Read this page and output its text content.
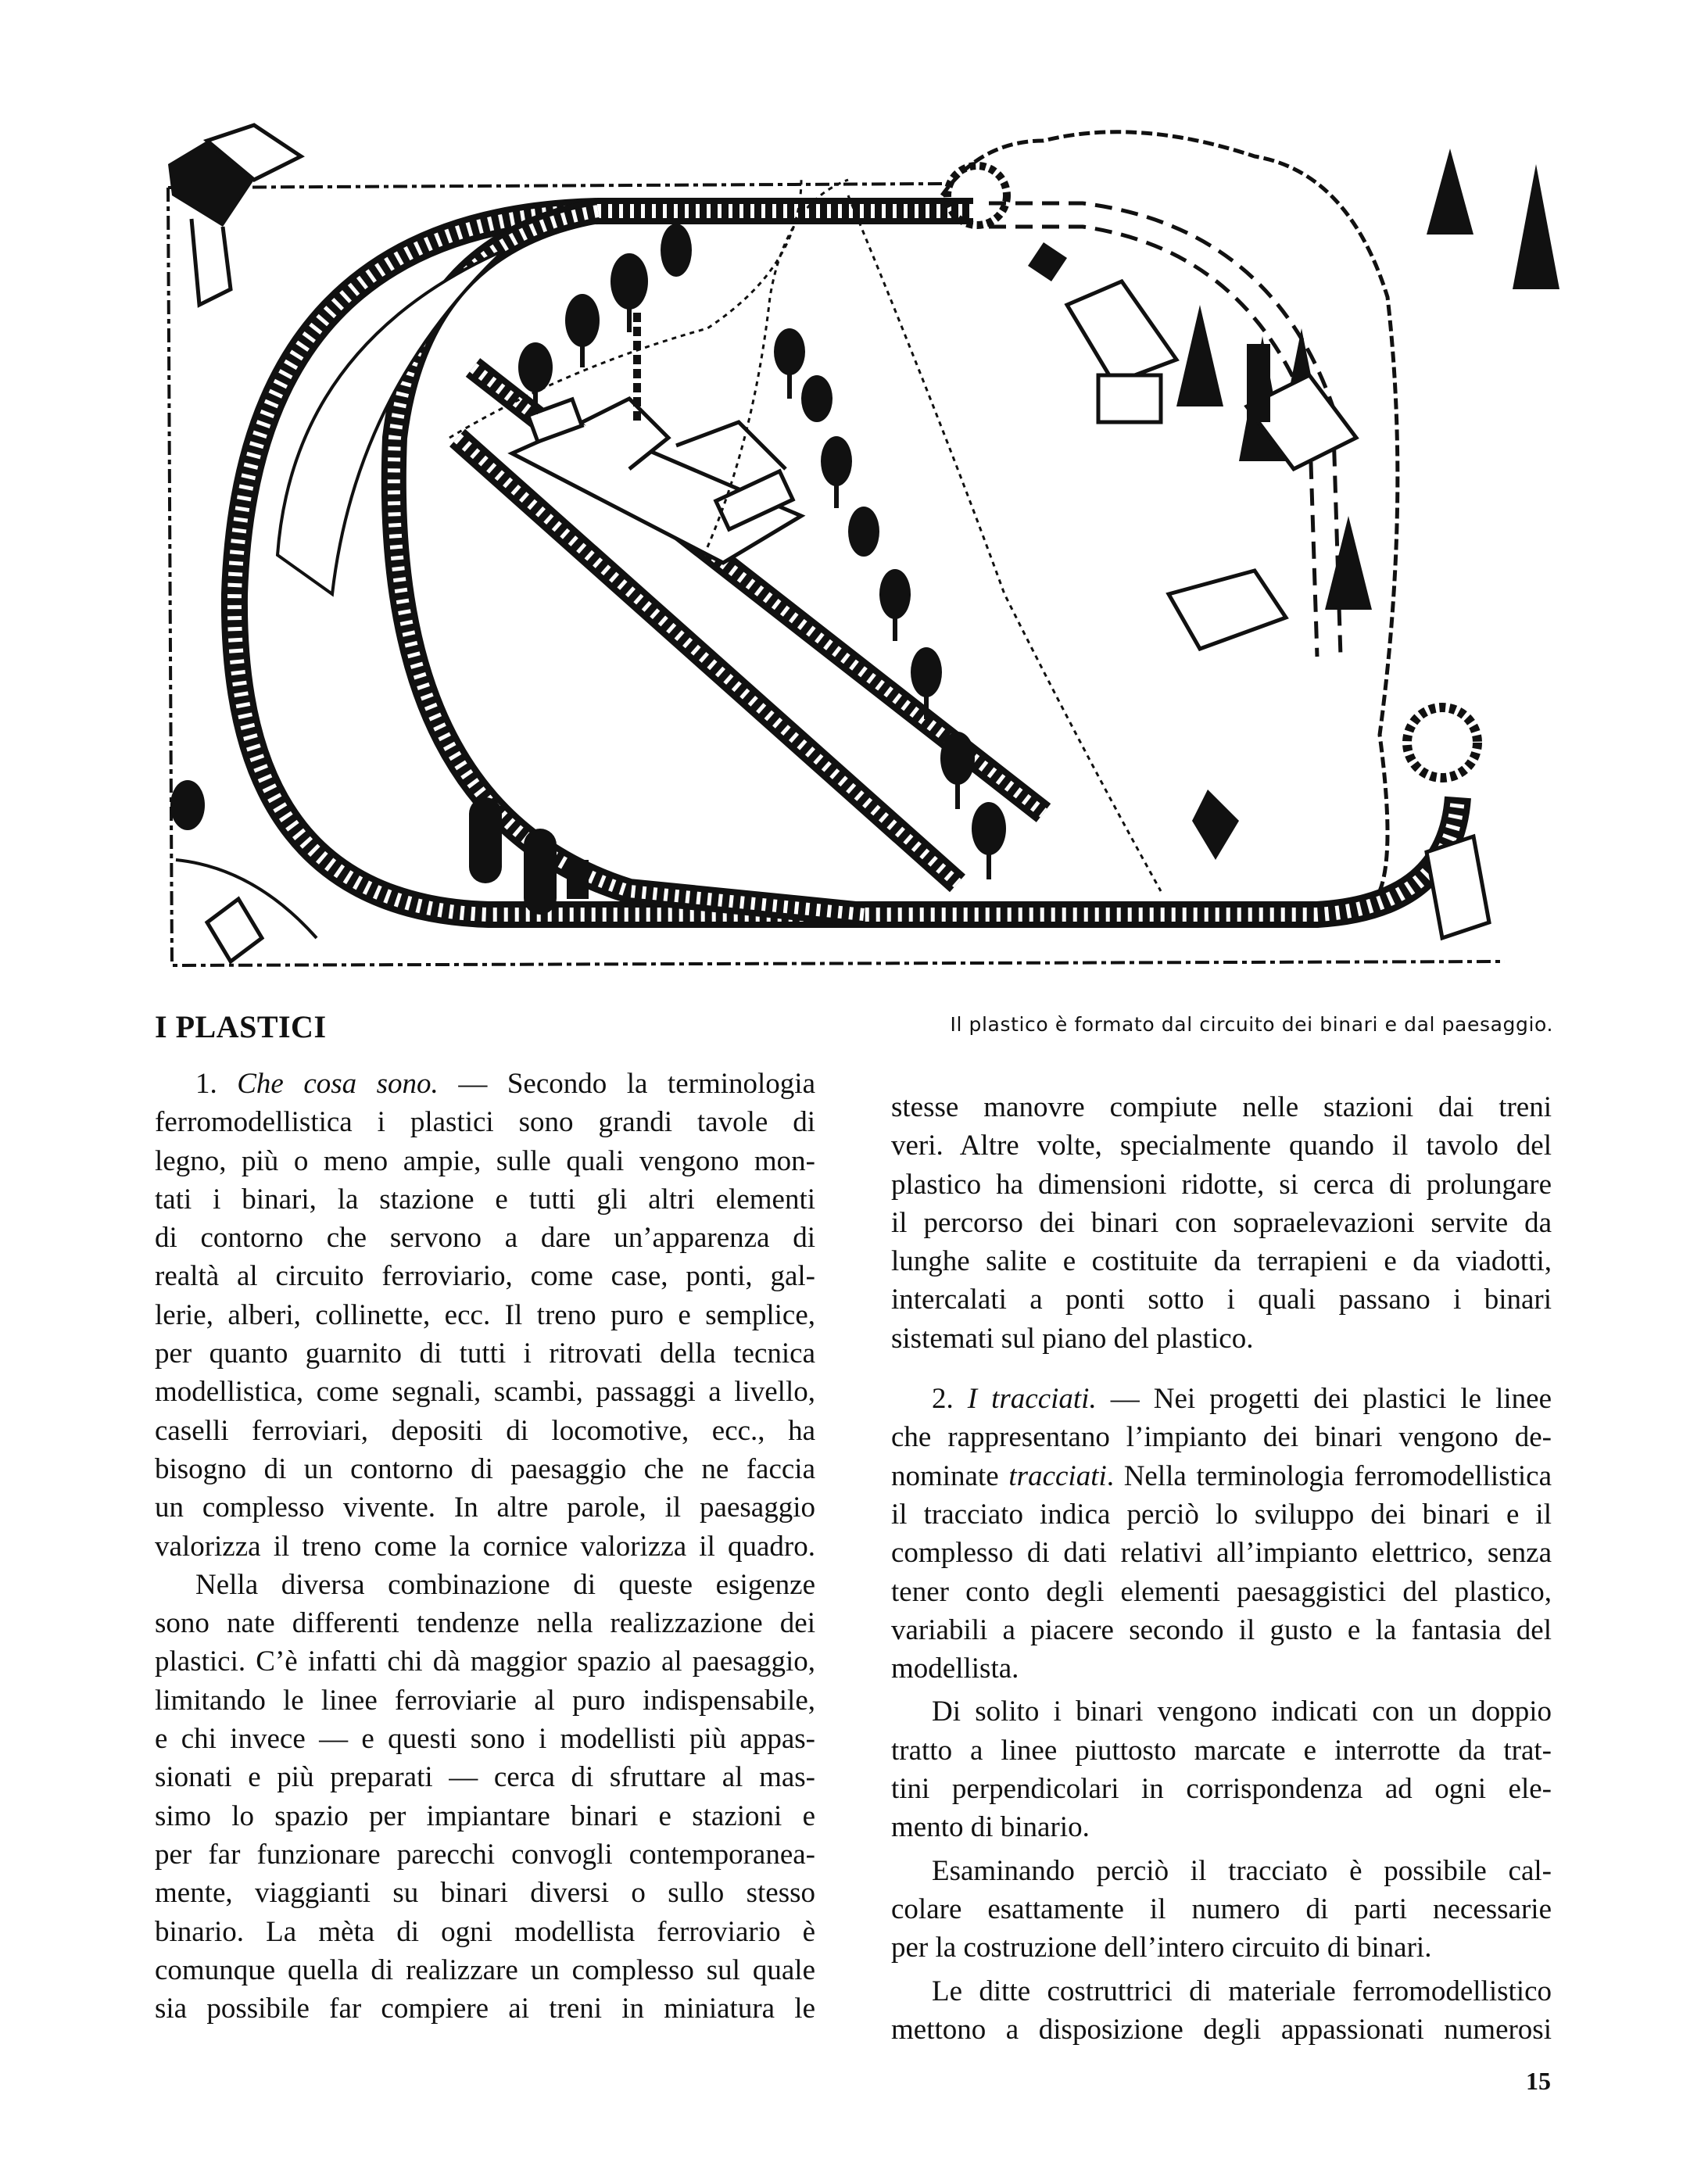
I PLASTICI	Il plastico è formato dal circuito dei binari e dal paesaggio.

1. Che cosa sono. — Secondo la terminologia
ferromodellistica i plastici sono grandi tavole di
legno, più o meno ampie, sulle quali vengono mon-
tati i binari, la stazione e tutti gli altri elementi
di contorno che servono a dare un’apparenza di
realtà al circuito ferroviario, come case, ponti, gal-
lerie, alberi, collinette, ecc. Il treno puro e semplice,
per quanto guarnito di tutti i ritrovati della tecnica
modellistica, come segnali, scambi, passaggi a livello,
caselli ferroviari, depositi di locomotive, ecc., ha
bisogno di un contorno di paesaggio che ne faccia
un complesso vivente. In altre parole, il paesaggio
valorizza il treno come la cornice valorizza il quadro.
Nella diversa combinazione di queste esigenze
sono nate differenti tendenze nella realizzazione dei
plastici. C’è infatti chi dà maggior spazio al paesaggio,
limitando le linee ferroviarie al puro indispensabile,
e chi invece — e questi sono i modellisti più appas-
sionati e più preparati — cerca di sfruttare al mas-
simo lo spazio per impiantare binari e stazioni e
per far funzionare parecchi convogli contemporanea-
mente, viaggianti su binari diversi o sullo stesso
binario. La mèta di ogni modellista ferroviario è
comunque quella di realizzare un complesso sul quale
sia possibile far compiere ai treni in miniatura le
stesse manovre compiute nelle stazioni dai treni
veri. Altre volte, specialmente quando il tavolo del
plastico ha dimensioni ridotte, si cerca di prolungare
il percorso dei binari con sopraelevazioni servite da
lunghe salite e costituite da terrapieni e da viadotti,
intercalati a ponti sotto i quali passano i binari
sistemati sul piano del plastico.
2. I tracciati. — Nei progetti dei plastici le linee
che rappresentano l’impianto dei binari vengono de-
nominate tracciati. Nella terminologia ferromodellistica
il tracciato indica perciò lo sviluppo dei binari e il
complesso di dati relativi all’impianto elettrico, senza
tener conto degli elementi paesaggistici del plastico,
variabili a piacere secondo il gusto e la fantasia del
modellista.
Di solito i binari vengono indicati con un doppio
tratto a linee piuttosto marcate e interrotte da trat-
tini perpendicolari in corrispondenza ad ogni ele-
mento di binario.
Esaminando perciò il tracciato è possibile cal-
colare esattamente il numero di parti necessarie
per la costruzione dell’intero circuito di binari.
Le ditte costruttrici di materiale ferromodellistico
mettono a disposizione degli appassionati numerosi
15
